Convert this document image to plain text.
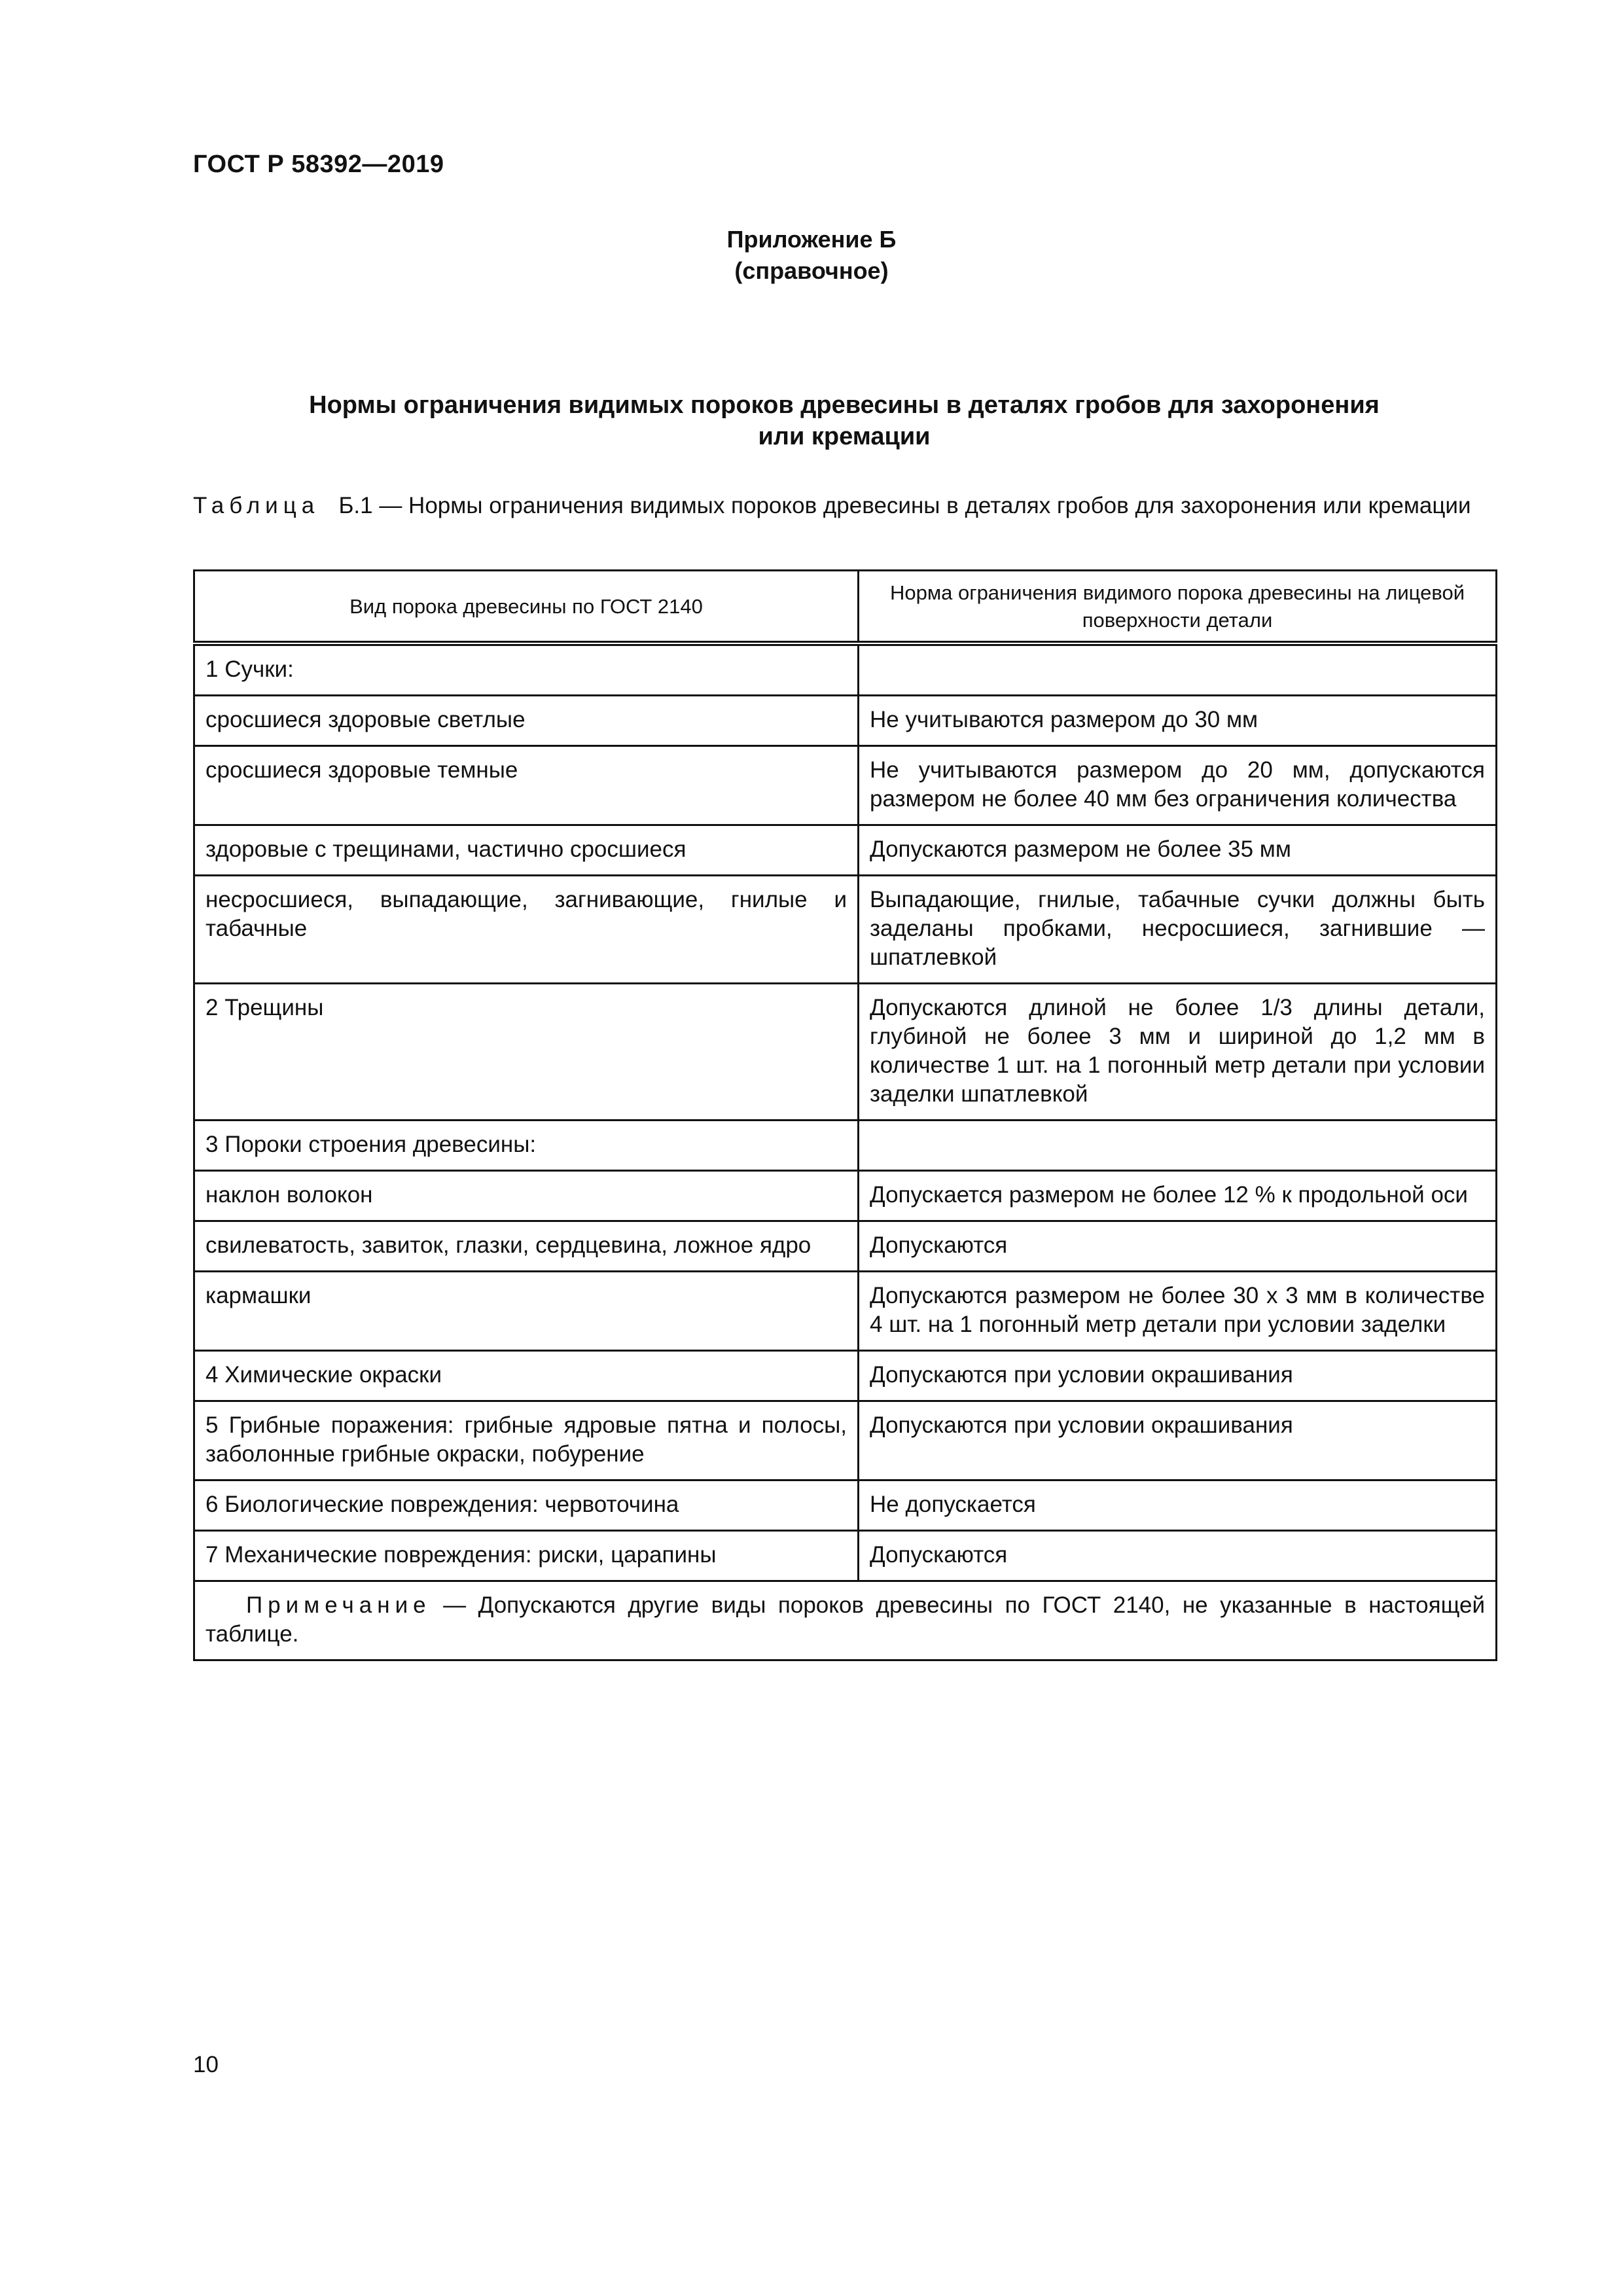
ГОСТ Р 58392—2019
Приложение Б
(справочное)
Нормы ограничения видимых пороков древесины в деталях гробов для захоронения
или кремации
Таблица Б.1 — Нормы ограничения видимых пороков древесины в деталях гробов для захоронения или кремации
Вид порока древесины по ГОСТ 2140	Норма ограничения видимого порока древесины на лицевой поверхности детали
1 Сучки:	
сросшиеся здоровые светлые	Не учитываются размером до 30 мм
сросшиеся здоровые темные	Не учитываются размером до 20 мм, допускаются размером не более 40 мм без ограничения количества
здоровые с трещинами, частично сросшиеся	Допускаются размером не более 35 мм
несросшиеся, выпадающие, загнивающие, гнилые и табачные	Выпадающие, гнилые, табачные сучки должны быть заделаны пробками, несросшиеся, загнившие — шпатлевкой
2 Трещины	Допускаются длиной не более 1/3 длины детали, глубиной не более 3 мм и шириной до 1,2 мм в количестве 1 шт. на 1 погонный метр детали при условии заделки шпатлевкой
3 Пороки строения древесины:	
наклон волокон	Допускается размером не более 12 % к продольной оси
свилеватость, завиток, глазки, сердцевина, ложное ядро	Допускаются
кармашки	Допускаются размером не более 30 x 3 мм в количестве 4 шт. на 1 погонный метр детали при условии заделки
4 Химические окраски	Допускаются при условии окрашивания
5 Грибные поражения: грибные ядровые пятна и полосы, заболонные грибные окраски, побурение	Допускаются при условии окрашивания
6 Биологические повреждения: червоточина	Не допускается
7 Механические повреждения: риски, царапины	Допускаются
Примечание — Допускаются другие виды пороков древесины по ГОСТ 2140, не указанные в настоящей таблице.	
10
